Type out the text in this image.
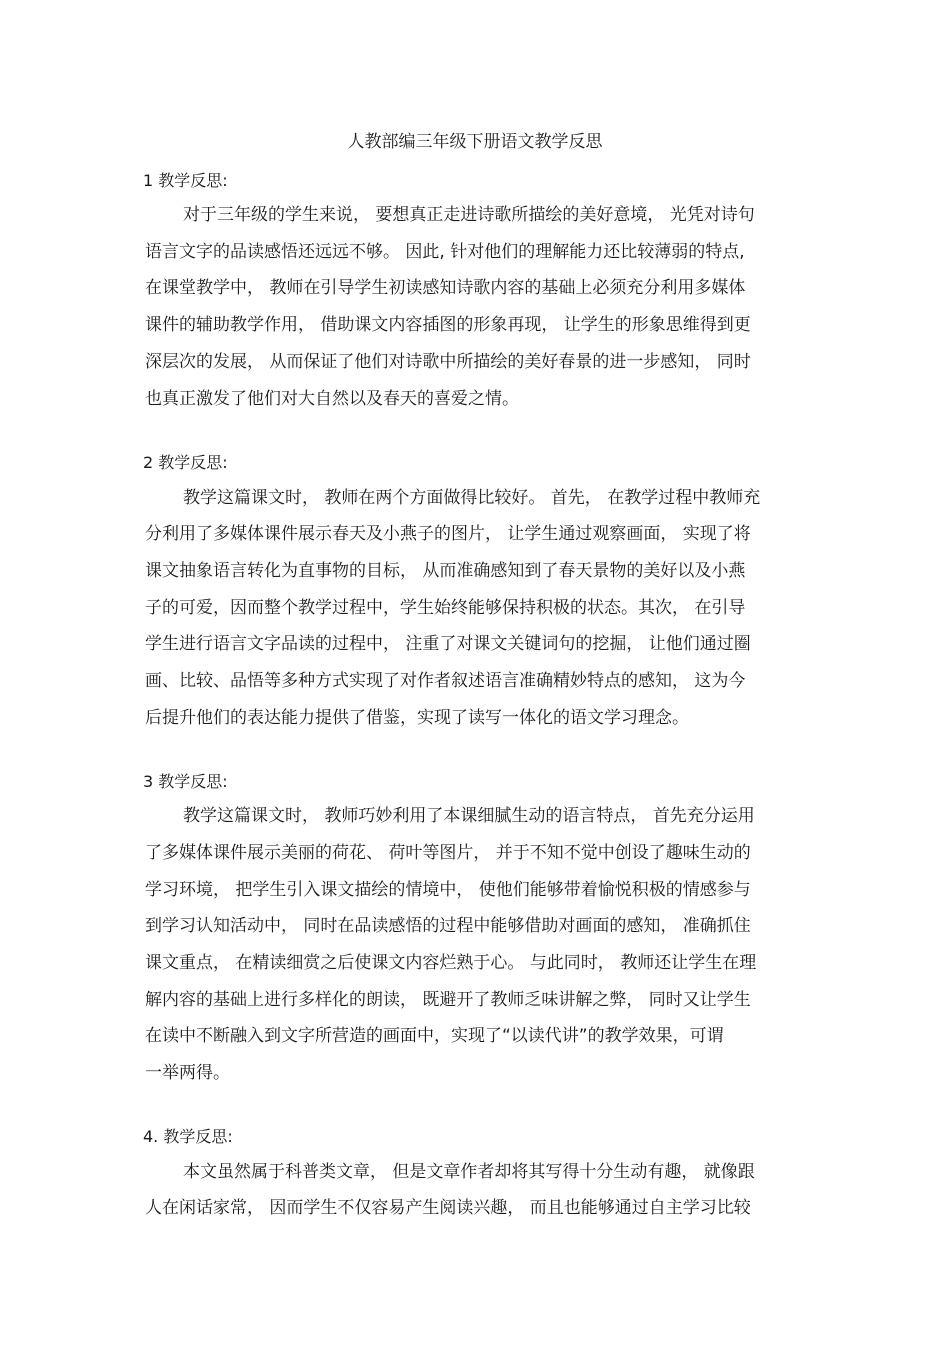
人教部编三年级下册语文教学反思
1 教学反思:
对于三年级的学生来说， 要想真正走进诗歌所描绘的美好意境， 光凭对诗句
语言文字的品读感悟还远远不够。 因此, 针对他们的理解能力还比较薄弱的特点,
在课堂教学中， 教师在引导学生初读感知诗歌内容的基础上必须充分利用多媒体
课件的辅助教学作用， 借助课文内容插图的形象再现， 让学生的形象思维得到更
深层次的发展， 从而保证了他们对诗歌中所描绘的美好春景的进一步感知， 同时
也真正激发了他们对大自然以及春天的喜爱之情。
2 教学反思:
教学这篇课文时， 教师在两个方面做得比较好。 首先， 在教学过程中教师充
分利用了多媒体课件展示春天及小燕子的图片， 让学生通过观察画面， 实现了将
课文抽象语言转化为直事物的目标， 从而准确感知到了春天景物的美好以及小燕
子的可爱，因而整个教学过程中，学生始终能够保持积极的状态。其次， 在引导
学生进行语言文字品读的过程中， 注重了对课文关键词句的挖掘， 让他们通过圈
画、比较、品悟等多种方式实现了对作者叙述语言准确精妙特点的感知， 这为今
后提升他们的表达能力提供了借鉴，实现了读写一体化的语文学习理念。
3 教学反思:
教学这篇课文时， 教师巧妙利用了本课细腻生动的语言特点， 首先充分运用
了多媒体课件展示美丽的荷花、 荷叶等图片， 并于不知不觉中创设了趣味生动的
学习环境， 把学生引入课文描绘的情境中， 使他们能够带着愉悦积极的情感参与
到学习认知活动中， 同时在品读感悟的过程中能够借助对画面的感知， 准确抓住
课文重点， 在精读细赏之后使课文内容烂熟于心。 与此同时， 教师还让学生在理
解内容的基础上进行多样化的朗读， 既避开了教师乏味讲解之弊， 同时又让学生
在读中不断融入到文字所营造的画面中，实现了“以读代讲”的教学效果，可谓
一举两得。
4. 教学反思:
本文虽然属于科普类文章， 但是文章作者却将其写得十分生动有趣， 就像跟
人在闲话家常， 因而学生不仅容易产生阅读兴趣， 而且也能够通过自主学习比较
